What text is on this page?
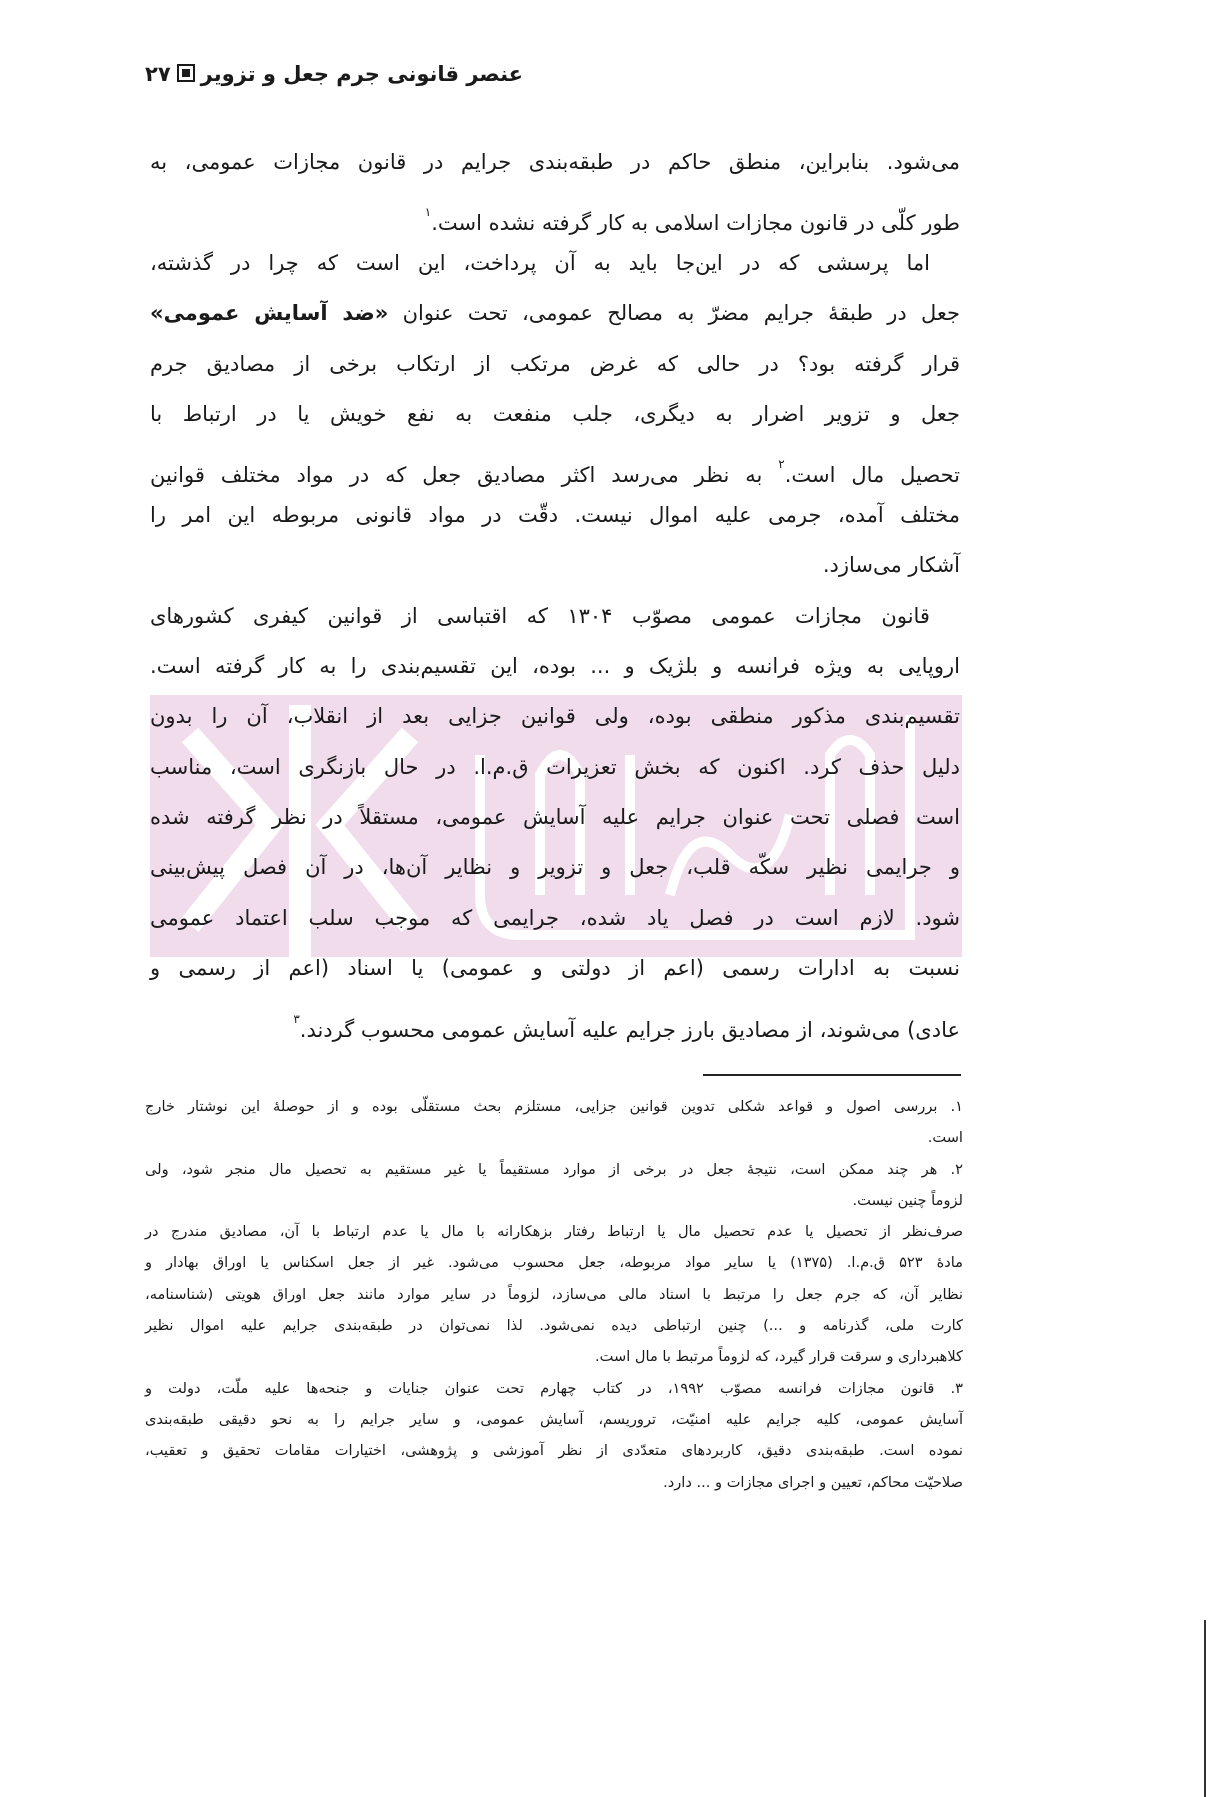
عنصر قانونی جرم جعل و تزویر۲۷
می‌شود. بنابراین، منطق حاکم در طبقه‌بندی جرایم در قانون مجازات عمومی، به
طور کلّی در قانون مجازات اسلامی به کار گرفته نشده است.$^۱$
اما پرسشی که در این‌جا باید به آن پرداخت، این است که چرا در گذشته،
جعل در طبقهٔ جرایم مضرّ به مصالح عمومی، تحت عنوان «ضد آسایش عمومی»
قرار گرفته بود؟ در حالی که غرض مرتکب از ارتکاب برخی از مصادیق جرم
جعل و تزویر اضرار به دیگری، جلب منفعت به نفع خویش یا در ارتباط با
تحصیل مال است.$^۲$ به نظر می‌رسد اکثر مصادیق جعل که در مواد مختلف قوانین
مختلف آمده، جرمی علیه اموال نیست. دقّت در مواد قانونی مربوطه این امر را
آشکار می‌سازد.
قانون مجازات عمومی مصوّب ۱۳۰۴ که اقتباسی از قوانین کیفری کشورهای
اروپایی به ویژه فرانسه و بلژیک و ... بوده، این تقسیم‌بندی را به کار گرفته است.
تقسیم‌بندی مذکور منطقی بوده، ولی قوانین جزایی بعد از انقلاب، آن را بدون
دلیل حذف کرد. اکنون که بخش تعزیرات ق.م.ا. در حال بازنگری است، مناسب
است فصلی تحت عنوان جرایم علیه آسایش عمومی، مستقلاً در نظر گرفته شده
و جرایمی نظیر سکّه قلب، جعل و تزویر و نظایر آن‌ها، در آن فصل پیش‌بینی
شود. لازم است در فصل یاد شده، جرایمی که موجب سلب اعتماد عمومی
نسبت به ادارات رسمی (اعم از دولتی و عمومی) یا اسناد (اعم از رسمی و
عادی) می‌شوند، از مصادیق بارز جرایم علیه آسایش عمومی محسوب گردند.$^۳$
۱. بررسی اصول و قواعد شکلی تدوین قوانین جزایی، مستلزم بحث مستقلّی بوده و از حوصلهٔ این نوشتار خارج
است.
۲. هر چند ممکن است، نتیجهٔ جعل در برخی از موارد مستقیماً یا غیر مستقیم به تحصیل مال منجر شود، ولی
لزوماً چنین نیست.
صرف‌نظر از تحصیل یا عدم تحصیل مال یا ارتباط رفتار بزهکارانه با مال یا عدم ارتباط با آن، مصادیق مندرج در
مادهٔ ۵۲۳ ق.م.ا. (۱۳۷۵) یا سایر مواد مربوطه، جعل محسوب می‌شود. غیر از جعل اسکناس یا اوراق بهادار و
نظایر آن، که جرم جعل را مرتبط با اسناد مالی می‌سازد، لزوماً در سایر موارد مانند جعل اوراق هویتی (شناسنامه،
کارت ملی، گذرنامه و ...) چنین ارتباطی دیده نمی‌شود. لذا نمی‌توان در طبقه‌بندی جرایم علیه اموال نظیر
کلاهبرداری و سرقت قرار گیرد، که لزوماً مرتبط با مال است.
۳. قانون مجازات فرانسه مصوّب ۱۹۹۲، در کتاب چهارم تحت عنوان جنایات و جنحه‌ها علیه ملّت، دولت و
آسایش عمومی، کلیه جرایم علیه امنیّت، تروریسم، آسایش عمومی، و سایر جرایم را به نحو دقیقی طبقه‌بندی
نموده است. طبقه‌بندی دقیق، کاربردهای متعدّدی از نظر آموزشی و پژوهشی، اختیارات مقامات تحقیق و تعقیب،
صلاحیّت محاکم، تعیین و اجرای مجازات و ... دارد.
